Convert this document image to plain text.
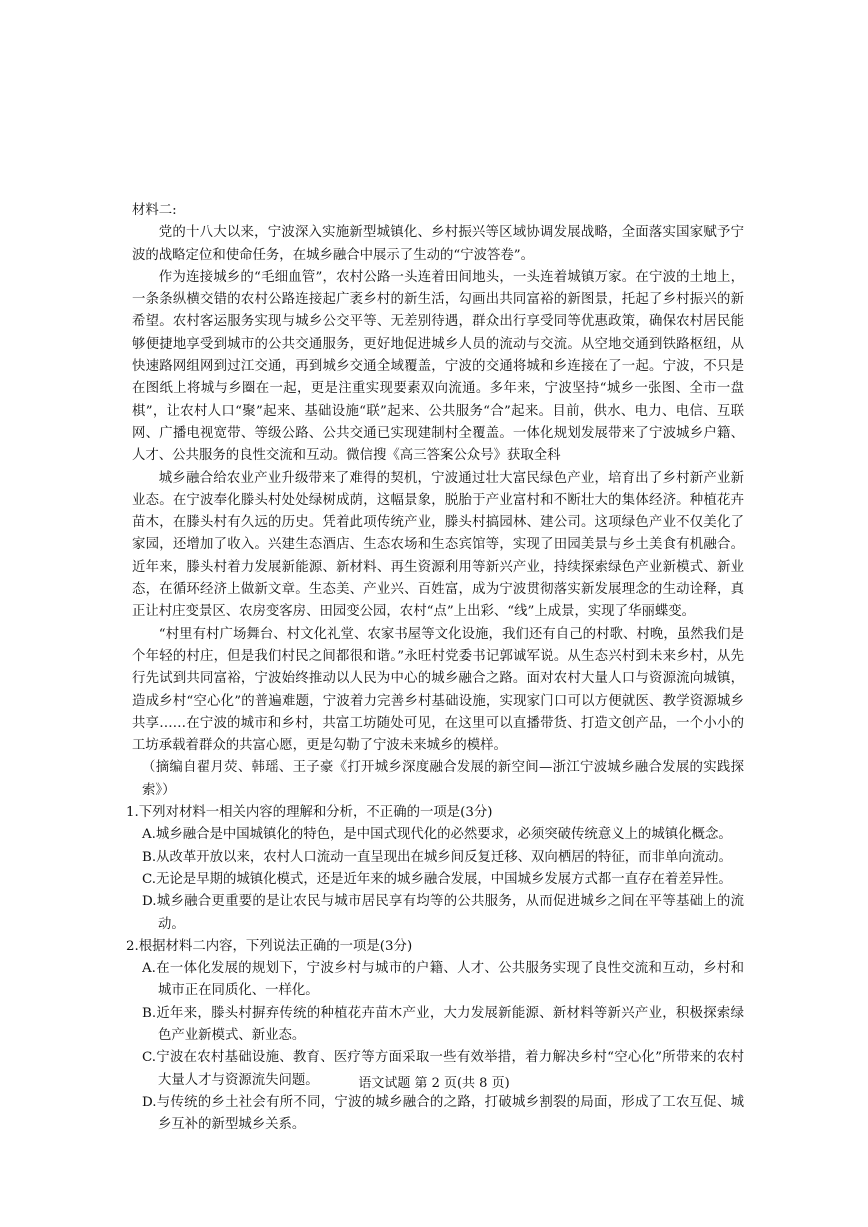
材料二:

党的十八大以来，宁波深入实施新型城镇化、乡村振兴等区域协调发展战略，全面落实国家赋予宁波的战略定位和使命任务，在城乡融合中展示了生动的“宁波答卷”。

作为连接城乡的“毛细血管”，农村公路一头连着田间地头，一头连着城镇万家。在宁波的土地上，一条条纵横交错的农村公路连接起广袤乡村的新生活，勾画出共同富裕的新图景，托起了乡村振兴的新希望。农村客运服务实现与城乡公交平等、无差别待遇，群众出行享受同等优惠政策，确保农村居民能够便捷地享受到城市的公共交通服务，更好地促进城乡人员的流动与交流。从空地交通到铁路枢纽，从快速路网组网到过江交通，再到城乡交通全域覆盖，宁波的交通将城和乡连接在了一起。宁波，不只是在图纸上将城与乡圈在一起，更是注重实现要素双向流通。多年来，宁波坚持“城乡一张图、全市一盘棋”，让农村人口“聚”起来、基础设施“联”起来、公共服务“合”起来。目前，供水、电力、电信、互联网、广播电视宽带、等级公路、公共交通已实现建制村全覆盖。一体化规划发展带来了宁波城乡户籍、人才、公共服务的良性交流和互动。微信搜《高三答案公众号》获取全科

城乡融合给农业产业升级带来了难得的契机，宁波通过壮大富民绿色产业，培育出了乡村新产业新业态。在宁波奉化滕头村处处绿树成荫，这幅景象，脱胎于产业富村和不断壮大的集体经济。种植花卉苗木，在滕头村有久远的历史。凭着此项传统产业，滕头村搞园林、建公司。这项绿色产业不仅美化了家园，还增加了收入。兴建生态酒店、生态农场和生态宾馆等，实现了田园美景与乡土美食有机融合。近年来，滕头村着力发展新能源、新材料、再生资源利用等新兴产业，持续探索绿色产业新模式、新业态，在循环经济上做新文章。生态美、产业兴、百姓富，成为宁波贯彻落实新发展理念的生动诠释，真正让村庄变景区、农房变客房、田园变公园，农村“点”上出彩、“线”上成景，实现了华丽蝶变。

“村里有村广场舞台、村文化礼堂、农家书屋等文化设施，我们还有自己的村歌、村晚，虽然我们是个年轻的村庄，但是我们村民之间都很和谐。”永旺村党委书记郭诚军说。从生态兴村到未来乡村，从先行先试到共同富裕，宁波始终推动以人民为中心的城乡融合之路。面对农村大量人口与资源流向城镇，造成乡村“空心化”的普遍难题，宁波着力完善乡村基础设施，实现家门口可以方便就医、教学资源城乡共享……在宁波的城市和乡村，共富工坊随处可见，在这里可以直播带货、打造文创产品，一个小小的工坊承载着群众的共富心愿，更是勾勒了宁波未来城乡的模样。

（摘编自翟月荧、韩瑶、王子豪《打开城乡深度融合发展的新空间—浙江宁波城乡融合发展的实践探索》）

1.下列对材料一相关内容的理解和分析，不正确的一项是(3分)

A.城乡融合是中国城镇化的特色，是中国式现代化的必然要求，必须突破传统意义上的城镇化概念。

B.从改革开放以来，农村人口流动一直呈现出在城乡间反复迁移、双向栖居的特征，而非单向流动。

C.无论是早期的城镇化模式，还是近年来的城乡融合发展，中国城乡发展方式都一直存在着差异性。

D.城乡融合更重要的是让农民与城市居民享有均等的公共服务，从而促进城乡之间在平等基础上的流动。

2.根据材料二内容，下列说法正确的一项是(3分)

A.在一体化发展的规划下，宁波乡村与城市的户籍、人才、公共服务实现了良性交流和互动，乡村和城市正在同质化、一样化。

B.近年来，滕头村摒弃传统的种植花卉苗木产业，大力发展新能源、新材料等新兴产业，积极探索绿色产业新模式、新业态。

C.宁波在农村基础设施、教育、医疗等方面采取一些有效举措，着力解决乡村“空心化”所带来的农村大量人才与资源流失问题。

D.与传统的乡土社会有所不同，宁波的城乡融合的之路，打破城乡割裂的局面，形成了工农互促、城乡互补的新型城乡关系。

语文试题 第 2 页(共 8 页)
